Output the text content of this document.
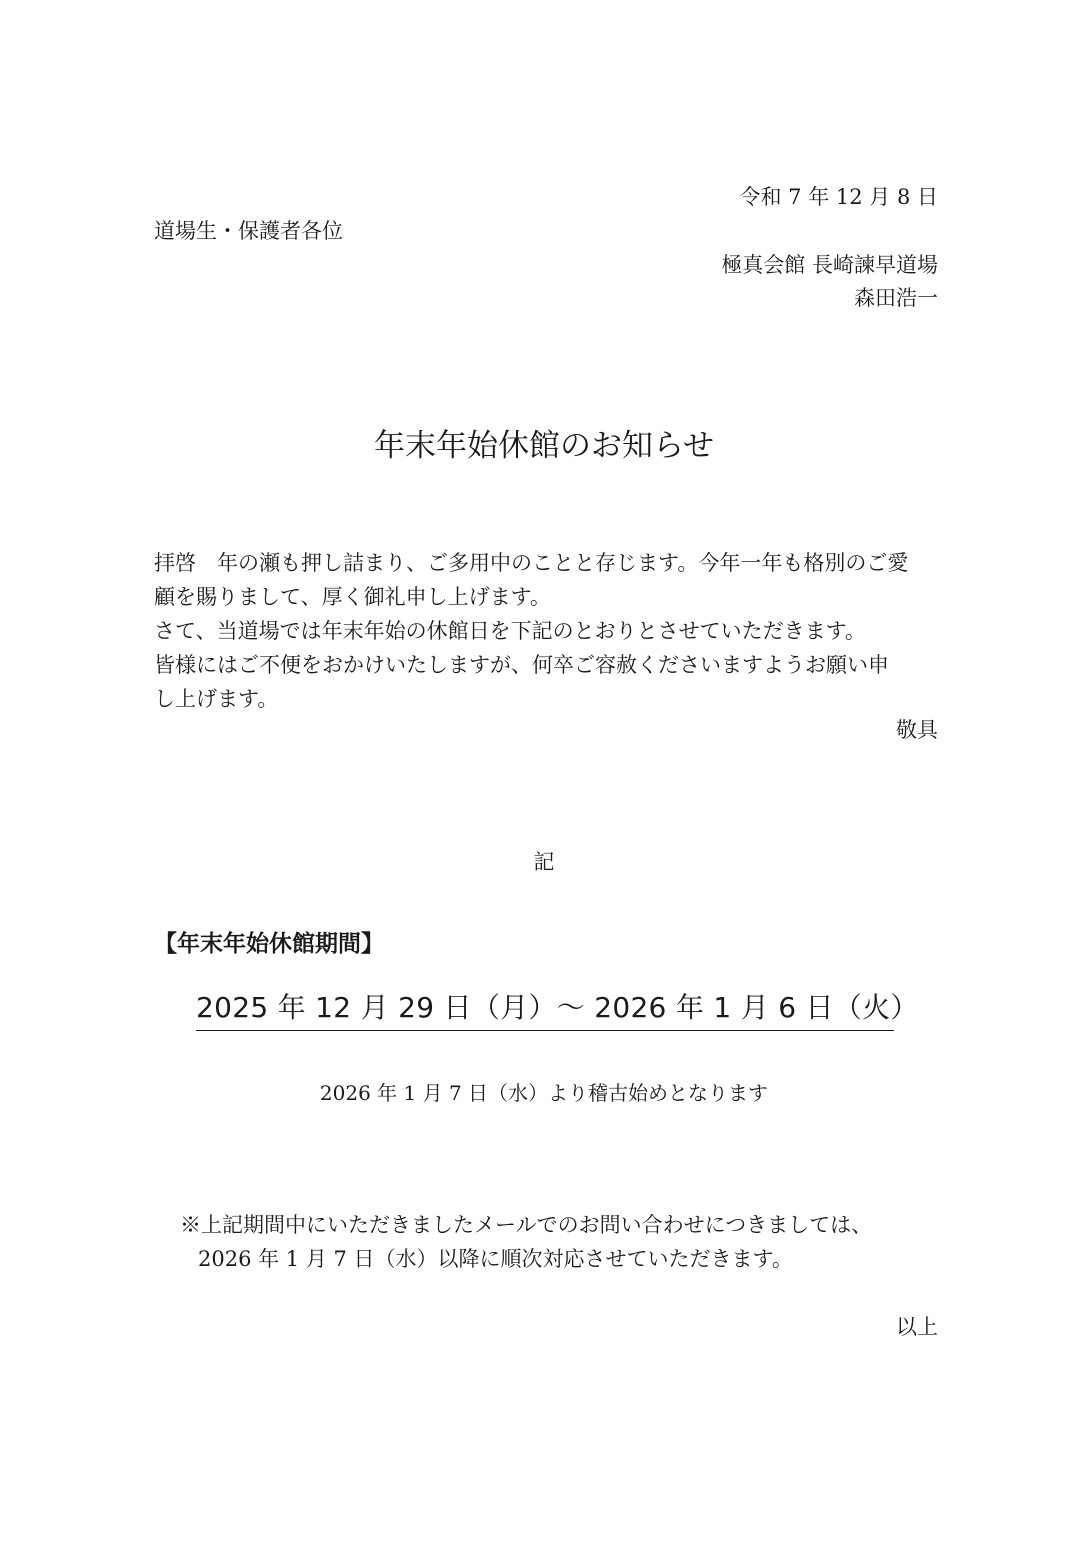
令和 7 年 12 月 8 日
道場生・保護者各位
極真会館 長崎諫早道場
森田浩一
年末年始休館のお知らせ

拝啓　年の瀬も押し詰まり、ご多用中のことと存じます。今年一年も格別のご愛

顧を賜りまして、厚く御礼申し上げます。

さて、当道場では年末年始の休館日を下記のとおりとさせていただきます。

皆様にはご不便をおかけいたしますが、何卒ご容赦くださいますようお願い申

し上げます。

敬具
記
【年末年始休館期間】
2025 年 12 月 29 日（月）～ 2026 年 1 月 6 日（火）
2026 年 1 月 7 日（水）より稽古始めとなります

※上記期間中にいただきましたメールでのお問い合わせにつきましては、

2026 年 1 月 7 日（水）以降に順次対応させていただきます。

以上
